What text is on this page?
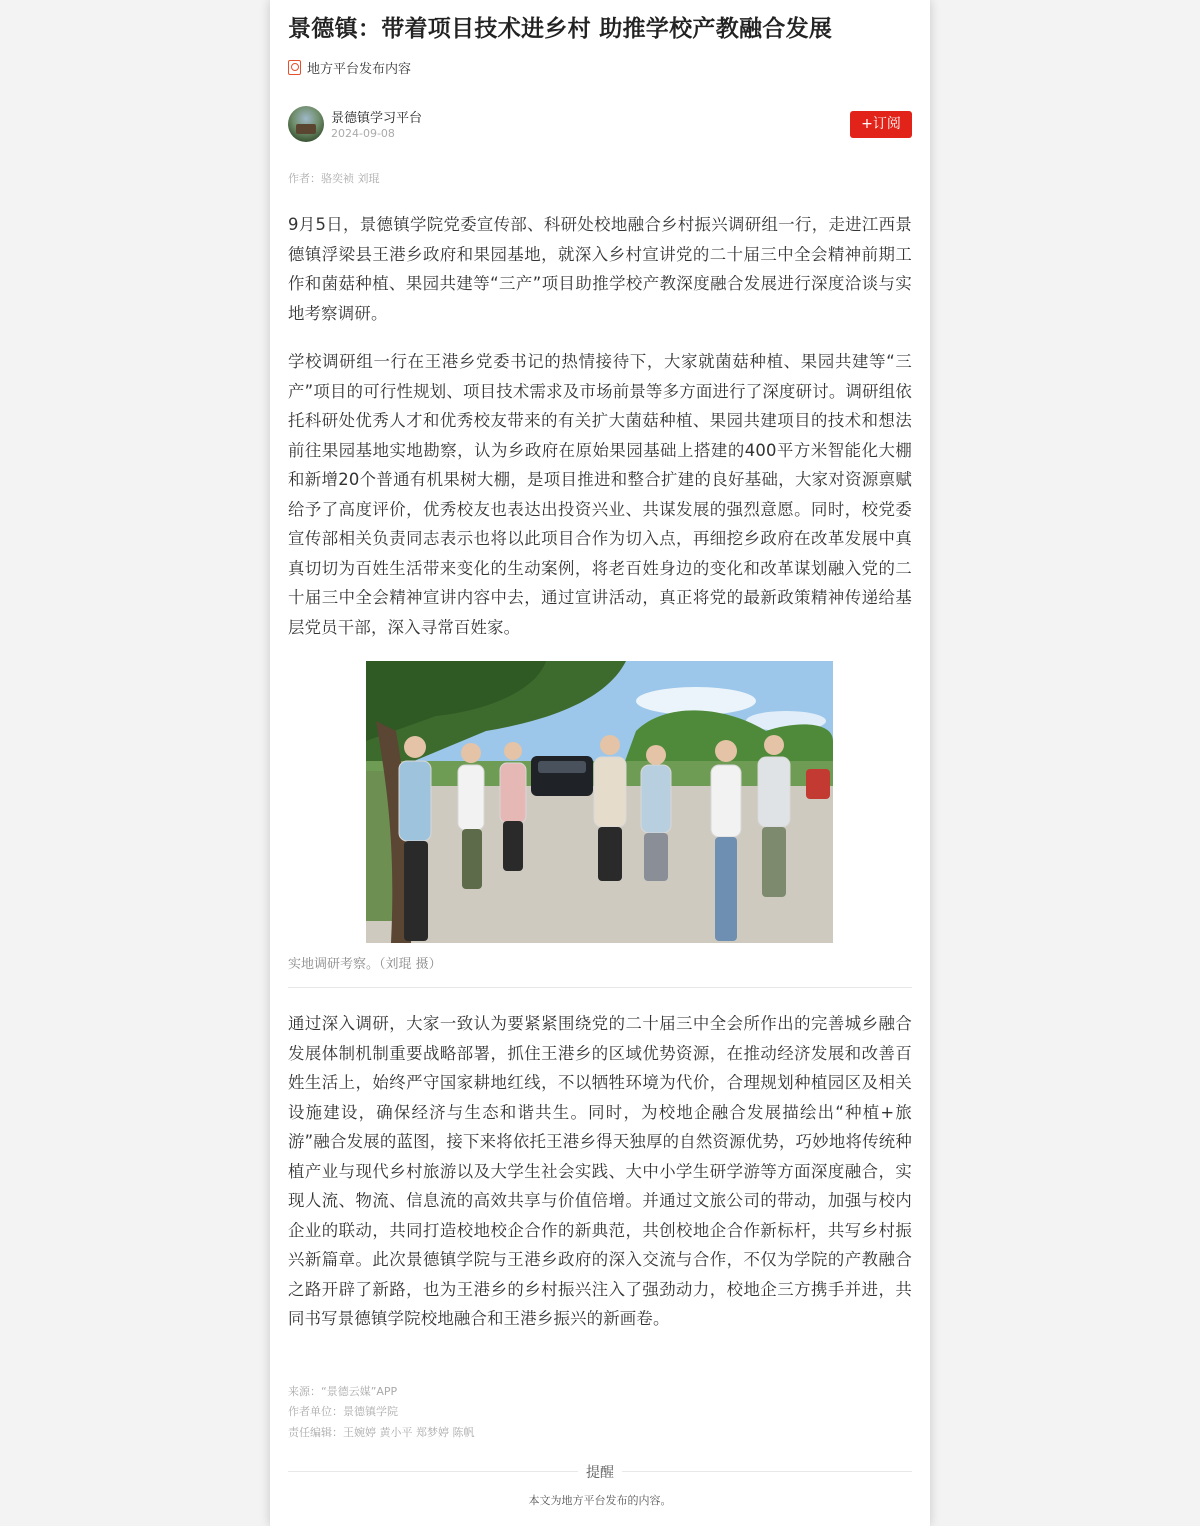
景德镇：带着项目技术进乡村 助推学校产教融合发展
地方平台发布内容
景德镇学习平台
2024-09-08
+订阅
作者：骆奕祯 刘琨

9月5日，景德镇学院党委宣传部、科研处校地融合乡村振兴调研组一行，走进江西景德镇浮梁县王港乡政府和果园基地，就深入乡村宣讲党的二十届三中全会精神前期工作和菌菇种植、果园共建等“三产”项目助推学校产教深度融合发展进行深度洽谈与实地考察调研。

学校调研组一行在王港乡党委书记的热情接待下，大家就菌菇种植、果园共建等“三产”项目的可行性规划、项目技术需求及市场前景等多方面进行了深度研讨。调研组依托科研处优秀人才和优秀校友带来的有关扩大菌菇种植、果园共建项目的技术和想法前往果园基地实地勘察，认为乡政府在原始果园基础上搭建的400平方米智能化大棚和新增20个普通有机果树大棚，是项目推进和整合扩建的良好基础，大家对资源禀赋给予了高度评价，优秀校友也表达出投资兴业、共谋发展的强烈意愿。同时，校党委宣传部相关负责同志表示也将以此项目合作为切入点，再细挖乡政府在改革发展中真真切切为百姓生活带来变化的生动案例，将老百姓身边的变化和改革谋划融入党的二十届三中全会精神宣讲内容中去，通过宣讲活动，真正将党的最新政策精神传递给基层党员干部，深入寻常百姓家。

实地调研考察。（刘琨 摄）

通过深入调研，大家一致认为要紧紧围绕党的二十届三中全会所作出的完善城乡融合发展体制机制重要战略部署，抓住王港乡的区域优势资源，在推动经济发展和改善百姓生活上，始终严守国家耕地红线，不以牺牲环境为代价，合理规划种植园区及相关设施建设，确保经济与生态和谐共生。同时，为校地企融合发展描绘出“种植+旅游”融合发展的蓝图，接下来将依托王港乡得天独厚的自然资源优势，巧妙地将传统种植产业与现代乡村旅游以及大学生社会实践、大中小学生研学游等方面深度融合，实现人流、物流、信息流的高效共享与价值倍增。并通过文旅公司的带动，加强与校内企业的联动，共同打造校地校企合作的新典范，共创校地企合作新标杆，共写乡村振兴新篇章。此次景德镇学院与王港乡政府的深入交流与合作，不仅为学院的产教融合之路开辟了新路，也为王港乡的乡村振兴注入了强劲动力，校地企三方携手并进，共同书写景德镇学院校地融合和王港乡振兴的新画卷。

来源：“景德云媒”APP
作者单位：景德镇学院
责任编辑：王婉婷 黄小平 郑梦婷 陈帆
提醒
本文为地方平台发布的内容。
